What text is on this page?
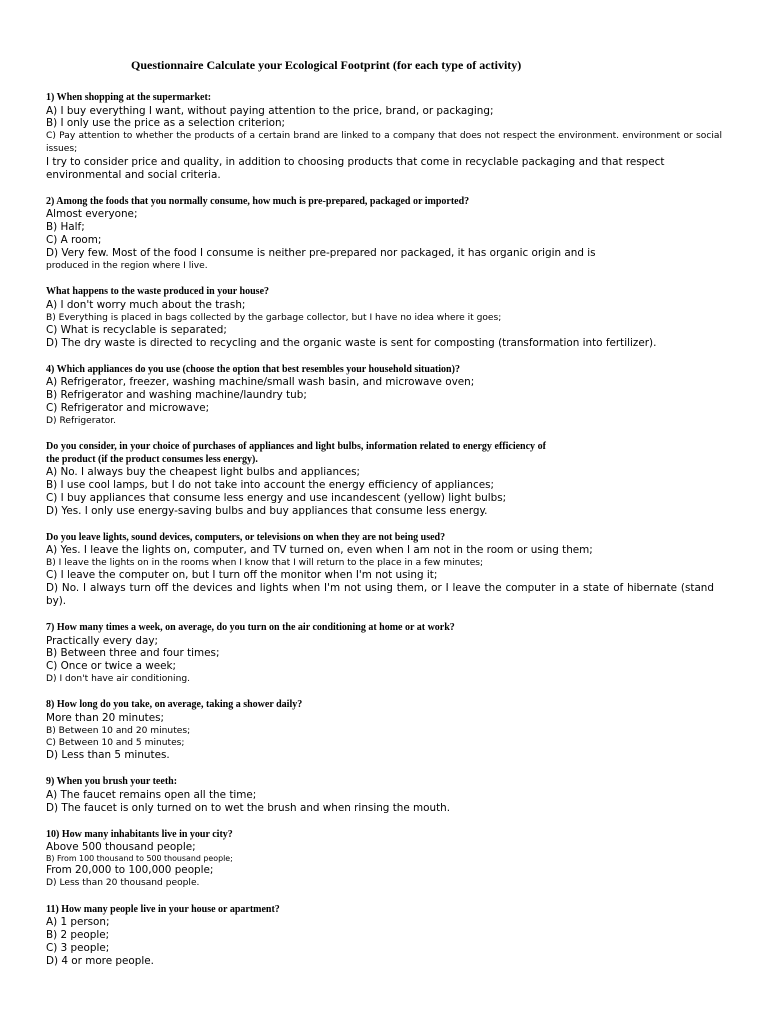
Questionnaire Calculate your Ecological Footprint (for each type of activity)
1) When shopping at the supermarket:
A) I buy everything I want, without paying attention to the price, brand, or packaging;
B) I only use the price as a selection criterion;
C) Pay attention to whether the products of a certain brand are linked to a company that does not respect the environment. environment or social issues;
I try to consider price and quality, in addition to choosing products that come in recyclable packaging and that respect environmental and social criteria.
2) Among the foods that you normally consume, how much is pre-prepared, packaged or imported?
Almost everyone;
B) Half;
C) A room;
D) Very few. Most of the food I consume is neither pre-prepared nor packaged, it has organic origin and is
produced in the region where I live.
What happens to the waste produced in your house?
A) I don't worry much about the trash;
B) Everything is placed in bags collected by the garbage collector, but I have no idea where it goes;
C) What is recyclable is separated;
D) The dry waste is directed to recycling and the organic waste is sent for composting (transformation into fertilizer).
4) Which appliances do you use (choose the option that best resembles your household situation)?
A) Refrigerator, freezer, washing machine/small wash basin, and microwave oven;
B) Refrigerator and washing machine/laundry tub;
C) Refrigerator and microwave;
D) Refrigerator.
Do you consider, in your choice of purchases of appliances and light bulbs, information related to energy efficiency of the product (if the product consumes less energy).
A) No. I always buy the cheapest light bulbs and appliances;
B) I use cool lamps, but I do not take into account the energy efficiency of appliances;
C) I buy appliances that consume less energy and use incandescent (yellow) light bulbs;
D) Yes. I only use energy-saving bulbs and buy appliances that consume less energy.
Do you leave lights, sound devices, computers, or televisions on when they are not being used?
A) Yes. I leave the lights on, computer, and TV turned on, even when I am not in the room or using them;
B) I leave the lights on in the rooms when I know that I will return to the place in a few minutes;
C) I leave the computer on, but I turn off the monitor when I'm not using it;
D) No. I always turn off the devices and lights when I'm not using them, or I leave the computer in a state of hibernate (stand by).
7) How many times a week, on average, do you turn on the air conditioning at home or at work?
Practically every day;
B) Between three and four times;
C) Once or twice a week;
D) I don't have air conditioning.
8) How long do you take, on average, taking a shower daily?
More than 20 minutes;
B) Between 10 and 20 minutes;
C) Between 10 and 5 minutes;
D) Less than 5 minutes.
9) When you brush your teeth:
A) The faucet remains open all the time;
D) The faucet is only turned on to wet the brush and when rinsing the mouth.
10) How many inhabitants live in your city?
Above 500 thousand people;
B) From 100 thousand to 500 thousand people;
From 20,000 to 100,000 people;
D) Less than 20 thousand people.
11) How many people live in your house or apartment?
A) 1 person;
B) 2 people;
C) 3 people;
D) 4 or more people.
